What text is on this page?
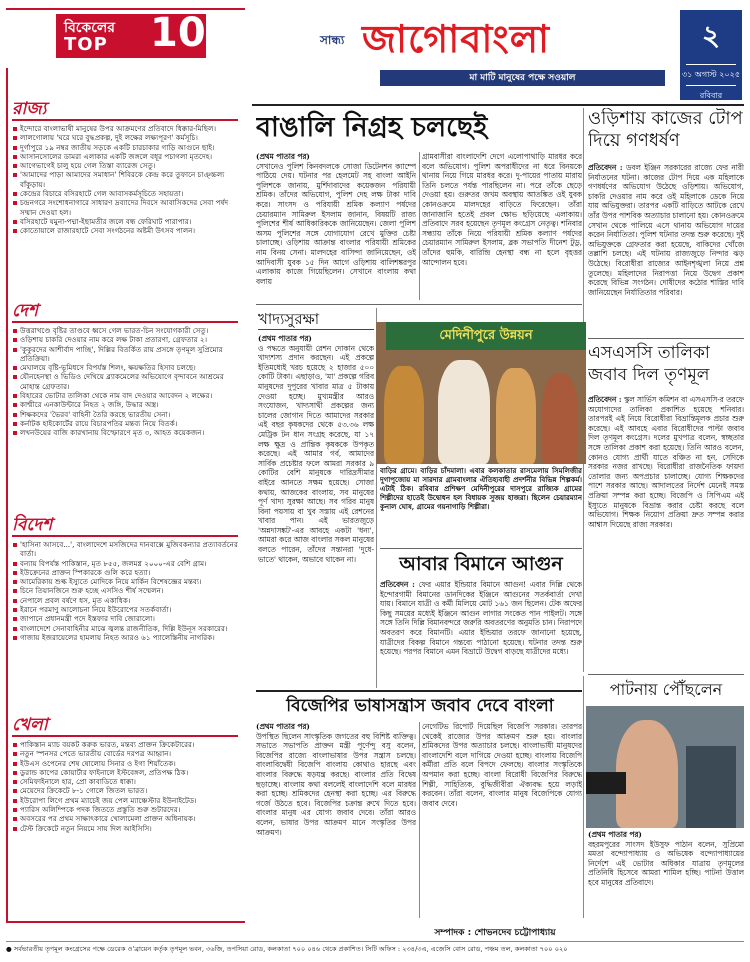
বিকেলের
TOP 10
রাজ্য
ইন্দোরে বাংলাভাষী মানুষের উপর আক্রমণের প্রতিবাদে ধিক্কার-মিছিল।
লালগোলায় 'ঘরে ঘরে বুদ্ধপ্রকল্প, দুই লক্ষের লক্ষ্যপূরণ' কর্মসূচি।
দুর্গাপুরে ১৯ নম্বর জাতীয় সড়কে একটি চারচাকার গাড়ি আগুনে ছাই।
আসানসোলের ডামরা এলাকার একটি জঙ্গলে বধূর পচাগলা মৃতদেহ।
আগেভাগেই চালু হয়ে গেল তিস্তা ব্যারেজ সেতু।
'আমাদের পাড়া আমাদের সমাধান' শিবিরকে কেন্দ্র করে তুফানে চাঞ্চ্চল্য বাঁকুড়ায়।
কেন্দ্রের বিচারে বসিরহাটে গেল আবাসকর্মসূচিতে সহায়তা।
চন্দ্রনগরে সংশোধনাগারে সাধারণ দ্রব্যাদের দিবসে আবাসিকদের সেবা পর্ষদ সম্মান দেওয়া হল।
বসিরহাটে যমুনা-পদ্মা-ইছামতীর জলে বন্ধ ফেরিঘাট পারাপার।
কোতোয়ালে রাজারহাটে সেবা সংগঠনের অষ্টমী উৎসব পালন।
দেশ
উত্তরাখণ্ডে বৃষ্টির তাণ্ডবে ধ্বসে গেল ভারত-চিন সংযোগকারী সেতু।
ওড়িশায় চাকরি দেওয়ার নাম করে লক্ষ টাকা প্রতারণা, গ্রেফতার ২।
'কুকুরদের আশীর্বাদ পাচ্ছি', দিল্লির বিতর্কিত রায় প্রসঙ্গে তৃণমূল সুপ্রিমোর প্রতিক্রিয়া।
মেঘালয়ে বৃষ্টি-ভূমিধসে বিপর্যস্ত শিলং, ক্ষয়ক্ষতির হিসাব চলছে।
যৌনহেনস্থা ও ভিডিও দেখিয়ে ব্ল্যাকমেলের অভিযোগে বৃন্দাবনে আশ্রমের মোহান্ত গ্রেফতার।
বিহারের ভোটার তালিকা থেকে নাম বাদ দেওয়ার আবেদন ২ লক্ষের।
কাশ্মীরে এনকাউন্টারে নিহত ২ জঙ্গি, উদ্ধার অস্ত্র।
শিক্ষকদের 'ভৈরব' বাহিনী তৈরি করছে ভারতীয় সেনা।
কর্নাটক হাইকোর্টের রায়ে বিচারপতির মন্তব্য নিয়ে বিতর্ক।
লখনউয়ের বাজি কারখানায় বিস্ফোরণে মৃত ৩, আহত কয়েকজন।
বিদেশ
'হাসিনা আসবে...', বাংলাদেশে মসজিদের দানবাক্সে মুজিবকন্যার প্রত্যাবর্তনের বার্তা।
বন্যায় বিপর্যস্ত পাকিস্তান, মৃত ৮৫৫, জলমগ্ন ২০০০-এর বেশি গ্রাম।
ইউক্রেনের প্রাক্তন স্পিকারকে গুলি করে হত্যা।
আমেরিকায় শুল্ক ইস্যুতে মোদিকে নিয়ে মার্কিন বিশেষজ্ঞের মন্তব্য।
চিনে তিয়ানজিনে শুরু হচ্ছে এসসিও শীর্ষ সম্মেলন।
নেপালে প্রবল বর্ষণে ধস, মৃত একাধিক।
ইরানে পরমাণু আলোচনা নিয়ে ইউরোপের সতর্কবার্তা।
জাপানে প্রধানমন্ত্রী পদে ইস্তফার দাবি জোরালো।
বাংলাদেশে সেনাবাহিনীর মাঝে জ্বলন্ত রাজনীতিক, দিল্লি ইউনূস সরকারের।
গাজায় ইজরায়েলের হামলায় নিহত আরও ৬১ প্যালেস্তিনীয় নাগরিক।
খেলা
পাকিস্তান ম্যাচ বয়কট করুক ভারত, মন্তব্য প্রাক্তন ক্রিকেটারের।
নতুন স্পনসর পেতে ভারতীয় বোর্ডের দরপত্র আহ্বান।
ইউএস ওপেনের শেষ ষোলোয় সিনার ও ইগা শিয়াঁতেক।
ডুরান্ড কাপের কোয়ার্টার ফাইনালে ইস্টবেঙ্গল, প্রতিপক্ষ ঠিক।
সেমিফাইনালে হার, প্রো কাবাডিতে ধাক্কা।
মেয়েদের ক্রিকেটে ৮-১ গোলে জিতল ভারত।
ইউরোপা লিগে প্রথম ম্যাচেই জয় পেল ম্যাঞ্চেস্টার ইউনাইটেড।
প্যারিস অলিম্পিকে পদক জিততে প্রস্তুতি শুরু শুটারদের।
অবসরের পর প্রথম সাক্ষাৎকারে খোলামেলা প্রাক্তন অধিনায়ক।
টেস্ট ক্রিকেটে নতুন নিয়মে সায় দিল আইসিসি।
সান্ধ্য জাগোবাংলা
মা মাটি মানুষের পক্ষে সওয়াল
২
৩১ অগাস্ট ২০২৫
রবিবার
বাঙালি নিগ্রহ চলছেই

(প্রথম পাতার পর)

সেখানেও পুলিশ কিনবদলকে সোজা ডিটেনশন ক্যাম্পে পাঠিয়ে দেয়। ঘটনার পর হেলমেট সহ বাংলা আইনি পুলিশকে জানায়, মুর্শিদাবাদের কয়েকজন পরিযায়ী শ্রমিক। তাঁদের অভিযোগ, পুলিশ দেহ লক্ষ টাকা দাবি করে। সাংসদ ও পরিযায়ী শ্রমিক কল্যাণ পর্ষদের চেয়ারম্যান সামিরুল ইসলাম জানান, বিষয়টি রাজ্য পুলিশের শীর্ষ আধিকারিককে জানিয়েছেন। জেলা পুলিশ অসম পুলিশের সঙ্গে যোগাযোগ রেখে মুক্তির চেষ্টা চালাচ্ছে। ওড়িশায় আক্রান্ত বাংলার পরিযায়ী শ্রমিকের নাম বিনয় সেনা। মালদহের বাসিন্দা জানিয়েছেন, ওই আদিবাসী যুবক ১৫ দিন আগে ওড়িশায় বালিশঙ্করপুর এলাকায় কাজে গিয়েছিলেন। সেখানে বাংলায় কথা বলায়

গ্রামবাসীরা বাংলাদেশি দেগে এলোপাথাড়ি মারধর করে বলে অভিযোগ। পুলিশ অপরাধীদের না ধরে বিনয়কে থানায় নিয়ে গিয়ে মারধর করে। দু-পায়ের পাতায় মারায় তিনি চলতে পর্যন্ত পারছিলেন না। পরে তাঁকে ছেড়ে দেওয়া হয়। গুরুতর জখম অবস্থায় আতঙ্কিত ওই যুবক কোনওক্রমে মালদহের বাড়িতে ফিরেছেন। তাঁরা জানাজানি হতেই প্রবল ক্ষোভ ছড়িয়েছে এলাকায়। প্রতিবাদে সরব হয়েছেন তৃণমূল কংগ্রেস নেতৃত্ব। শনিবার সন্ধ্যায় তাঁকে নিয়ে পরিযায়ী শ্রমিক কল্যাণ পর্ষদের চেয়ারম্যান সামিরুল ইসলাম, ব্লক সভাপতি দীনেশ টুডু, তাঁদের হুমকি, বারিন্দ্রি হেনস্থা বন্ধ না হলে বৃহত্তর আন্দোলন হবে।
ওড়িশায় কাজের টোপ দিয়ে গণধর্ষণ

প্রতিবেদন : ডবল ইঞ্জিন সরকারের রাজ্যে ফের নারী নির্যাতনের ঘটনা। কাজের টোপ দিয়ে এক মহিলাকে গণধর্ষণের অভিযোগ উঠেছে ওড়িশায়। অভিযোগ, চাকরি দেওয়ার নাম করে ওই মহিলাকে ডেকে নিয়ে যায় অভিযুক্তরা। তারপর একটি বাড়িতে আটকে রেখে তাঁর উপর পাশবিক অত্যাচার চালানো হয়। কোনওক্রমে সেখান থেকে পালিয়ে এসে থানায় অভিযোগ দায়ের করেন নির্যাতিতা। পুলিশ ঘটনার তদন্ত শুরু করেছে। দুই অভিযুক্তকে গ্রেফতার করা হয়েছে, বাকিদের খোঁজে তল্লাশি চলছে। এই ঘটনায় রাজ্যজুড়ে নিন্দার ঝড় উঠেছে। বিরোধীরা রাজ্যের আইনশৃঙ্খলা নিয়ে প্রশ্ন তুলেছে। মহিলাদের নিরাপত্তা নিয়ে উদ্বেগ প্রকাশ করেছে বিভিন্ন সংগঠন। দোষীদের কঠোর শাস্তির দাবি জানিয়েছেন নির্যাতিতার পরিবার।

এসএসসি তালিকা জবাব দিল তৃণমূল

প্রতিবেদন : স্কুল সার্ভিস কমিশন বা এসএসসি-র তরফে অযোগ্যদের তালিকা প্রকাশিত হয়েছে শনিবার। তারপরই এই নিয়ে বিরোধীরা বিভ্রান্তিমূলক প্রচার শুরু করেছে। এই আবহে এবার বিরোধীদের পাল্টা জবাব দিল তৃণমূল কংগ্রেস। দলের মুখপাত্র বলেন, স্বচ্ছতার সঙ্গে তালিকা প্রকাশ করা হয়েছে। তিনি আরও বলেন, কোনও যোগ্য প্রার্থী যাতে বঞ্চিত না হন, সেদিকে সরকার নজর রাখছে। বিরোধীরা রাজনৈতিক ফায়দা তোলার জন্য অপপ্রচার চালাচ্ছে। যোগ্য শিক্ষকদের পাশে সরকার আছে। আদালতের নির্দেশ মেনেই সমস্ত প্রক্রিয়া সম্পন্ন করা হচ্ছে। বিজেপি ও সিপিএম এই ইস্যুতে মানুষকে বিভ্রান্ত করার চেষ্টা করছে বলে অভিযোগ। শিক্ষক নিয়োগ প্রক্রিয়া দ্রুত সম্পন্ন করার আশ্বাস দিয়েছে রাজ্য সরকার।

খাদ্যসুরক্ষা

(প্রথম পাতার পর)

ও পদ্ধতে অনুযায়ী রেশন দোকান থেকে খাদ্যশস্য প্রদান করছেন। এই প্রকল্পে ইতিমধ্যেই খরচ হয়েছে ২ হাজার ৫০০ কোটি টাকা। এছাড়াও, 'মা' প্রকল্পে গরিব মানুষদের দুপুরের খাবার মাত্র ৫ টাকায় দেওয়া হচ্ছে। মুখ্যমন্ত্রীর আরও সংযোজন, খাদ্যসাথী প্রকল্পের জন্য চালের জোগান দিতে আমাদের সরকার এই বছর কৃষকদের থেকে ৫৩.৩৬ লক্ষ মেট্রিক টন ধান সংগ্রহ করেছে, যা ১৭ লক্ষ ক্ষুদ্র ও প্রান্তিক কৃষককে উপকৃত করেছে। এই আমার গর্ব, আমাদের সার্বিক প্রচেষ্টার ফলে আমরা সরকার ৯ কোটির বেশি মানুষকে দারিদ্রসীমার বাইরে আনতে সক্ষম হয়েছে। সোজা কথায়, আজকের বাংলায়, সব মানুষের পূর্ণ খাদ্য সুরক্ষা আছে। সব গরিব মানুষ বিনা পয়সায় বা খুব সস্তায় এই রেশনের খাবার পান। এই ভারতজুড়ে 'অন্নদাসঙ্কট'-এর আবহে একটা 'ধন্য', আমরা করে আজ বাংলার সকল মানুষের বলতে পারেন, তাঁদের সন্তানরা 'দুধে-ভাতে' থাকেন, অভাবে থাকেন না।

মেদিনীপুরে উন্নয়ন
বাড়ির গ্রামে। বাড়ির চাঁদমালা। এবার কলকাতার রাসমেলায় সিমলিজীর দুগাপুজোয় মা সারদার গ্রামবাংলার ঐতিহ্যবাহী প্রদর্শনীর বিভিন্ন শিল্পকর্ম। এটাই ঠিক। রবিবার প্রশিক্ষণ মেদিনীপুরের দাসপুরে রাজ্যিক গ্রামের শিল্পীদের হাতেই উদ্বোধন হল বিধায়ক সুজয় হাজরা। ছিলেন চেয়ারম্যান কুনাল ঘোষ, গ্রামের গয়নাগাড়ি শিল্পীরা।
আবার বিমানে আগুন

প্রতিবেদন : ফের এয়ার ইন্ডিয়ার বিমানে আগুন! এবার দিল্লি থেকে ইন্দোরগামী বিমানের ডানদিকের ইঞ্জিনে আগুনের সতর্কবার্তা দেখা যায়। বিমানে যাত্রী ও কর্মী মিলিয়ে মোট ১৬১ জন ছিলেন। টেক অফের কিছু সময়ের মধ্যেই ইঞ্জিনে আগুন লাগার সংকেত পান পাইলট। সঙ্গে সঙ্গে তিনি দিল্লি বিমানবন্দরে জরুরি অবতরণের অনুমতি চান। নিরাপদে অবতরণ করে বিমানটি। এয়ার ইন্ডিয়ার তরফে জানানো হয়েছে, যাত্রীদের বিকল্প বিমানে গন্তব্যে পাঠানো হয়েছে। ঘটনার তদন্ত শুরু হয়েছে। পরপর বিমানে এমন বিভ্রাটে উদ্বেগ বাড়ছে যাত্রীদের মধ্যে।

বিজেপির ভাষাসন্ত্রাস জবাব দেবে বাংলা

(প্রথম পাতার পর)

উপস্থিত ছিলেন সাংস্কৃতিক জগতের বহু বিশিষ্ট ব্যক্তিত্ব। সভাতে সভাপতি প্রাক্তন মন্ত্রী পূর্ণেন্দু বসু বলেন, বিজেপির রাজ্যে বাংলাভাষার উপর সন্ত্রাস চলছে। বাংলাবিদ্বেষী বিজেপি বাংলায় কোথাও হারছে এবং বাংলার বিরুদ্ধে ষড়যন্ত্র করছে। বাংলার প্রতি বিদ্বেষ ছড়াচ্ছে। বাংলায় কথা বললেই বাংলাদেশি বলে মারধর করা হচ্ছে। শ্রমিকদের হেনস্থা করা হচ্ছে। এর বিরুদ্ধে গর্জে উঠতে হবে। বিজেপির চক্রান্ত রুখে দিতে হবে। বাংলার মানুষ এর যোগ্য জবাব দেবে। তাঁরা আরও বলেন, ভাষার উপর আক্রমণ মানে সংস্কৃতির উপর আক্রমণ।

নেগেটিভ রিপোর্ট দিয়েছিল বিজেপি সরকার। তারপর থেকেই রাজ্যের উপর আক্রমণ শুরু হয়। বাংলার শ্রমিকদের উপর অত্যাচার চলছে। বাংলাভাষী মানুষদের বাংলাদেশি বলে দাগিয়ে দেওয়া হচ্ছে। বাংলায় বিজেপি কর্মীরা প্রতি বলে বিপদে ফেলছে। বাংলার সংস্কৃতিকে অপমান করা হচ্ছে। বাংলা বিরোধী বিজেপির বিরুদ্ধে শিল্পী, সাহিত্যিক, বুদ্ধিজীবীরা ঐক্যবদ্ধ হয়ে লড়াই করবেন। তাঁরা বলেন, বাংলার মানুষ বিজেপিকে যোগ্য জবাব দেবে।
পাটনায় পৌঁছলেন

(প্রথম পাতার পর)

বহরমপুরের সাংসদ ইউসুফ পাঠান বলেন, সুপ্রিমো মমতা বন্দ্যোপাধ্যায় ও অভিষেক বন্দ্যোপাধ্যায়ের নির্দেশে এই ভোটার অধিকার যাত্রায় তৃণমূলের প্রতিনিধি হিসেবে আমরা শামিল হচ্ছি। পাটনা উত্তাল হবে মানুষের প্রতিবাদে।

সম্পাদক : শোভনদেব চট্টোপাধ্যায়
● সর্বভারতীয় তৃণমূল কংগ্রেসের পক্ষে ডেরেক ও'ব্রায়েন কর্তৃক তৃণমূল ভবন, ৩৬জি, তপসিয়া রোড, কলকাতা ৭০০ ০৪৬ থেকে প্রকাশিত। সিটি অফিস : ২৩৪/৩এ, এজেসি বোস রোড, পঞ্চম তল, কলকাতা ৭০০ ০২০
